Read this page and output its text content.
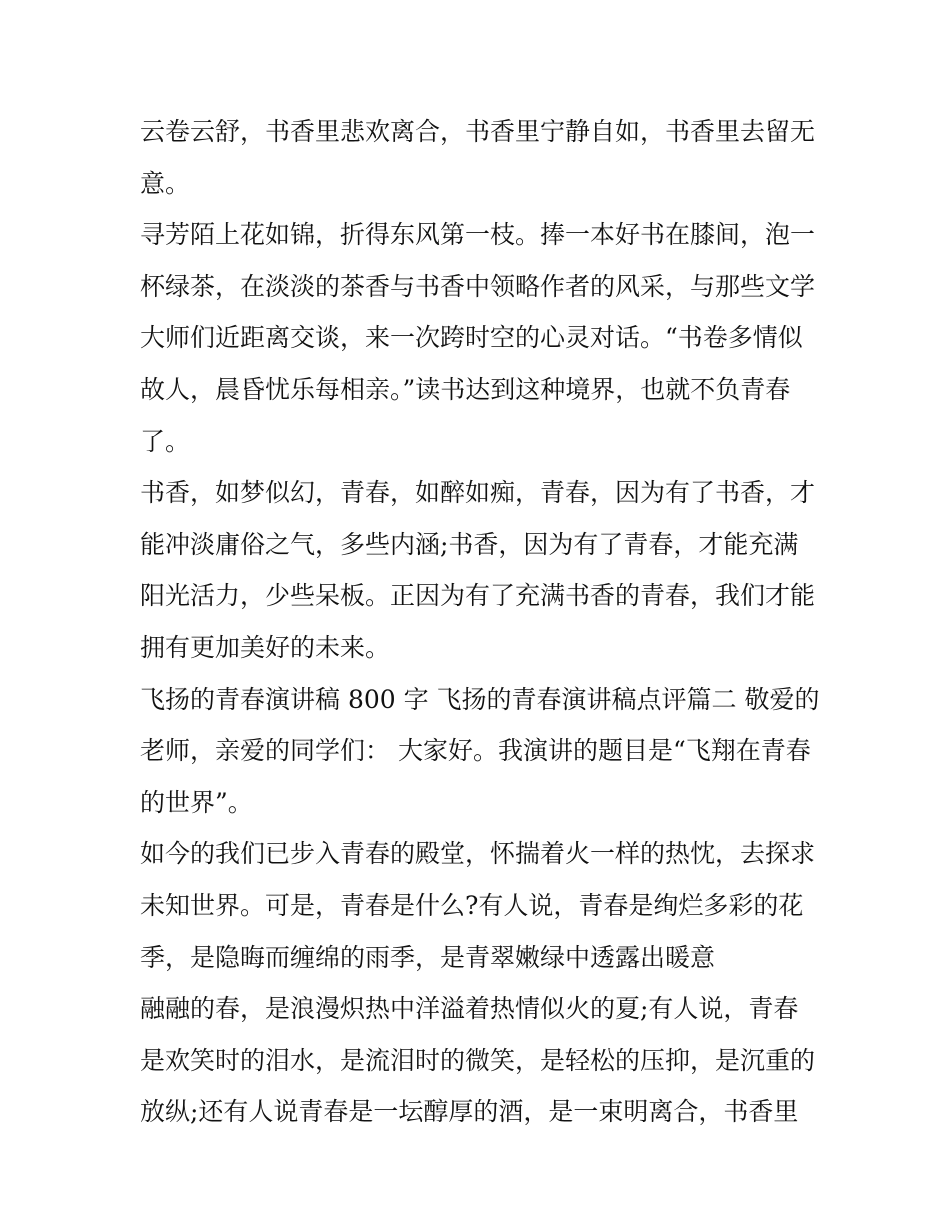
云卷云舒，书香里悲欢离合，书香里宁静自如，书香里去留无
意。
寻芳陌上花如锦，折得东风第一枝。捧一本好书在膝间，泡一
杯绿茶，在淡淡的茶香与书香中领略作者的风采，与那些文学
大师们近距离交谈，来一次跨时空的心灵对话。“书卷多情似
故人，晨昏忧乐每相亲。”读书达到这种境界，也就不负青春
了。
书香，如梦似幻，青春，如醉如痴，青春，因为有了书香，才
能冲淡庸俗之气，多些内涵;书香，因为有了青春，才能充满
阳光活力，少些呆板。正因为有了充满书香的青春，我们才能
拥有更加美好的未来。
飞扬的青春演讲稿 800 字 飞扬的青春演讲稿点评篇二 敬爱的
老师，亲爱的同学们： 大家好。我演讲的题目是“飞翔在青春
的世界”。
如今的我们已步入青春的殿堂，怀揣着火一样的热忱，去探求
未知世界。可是，青春是什么?有人说，青春是绚烂多彩的花
季，是隐晦而缠绵的雨季，是青翠嫩绿中透露出暖意
融融的春，是浪漫炽热中洋溢着热情似火的夏;有人说，青春
是欢笑时的泪水，是流泪时的微笑，是轻松的压抑，是沉重的
放纵;还有人说青春是一坛醇厚的酒，是一束明离合，书香里
